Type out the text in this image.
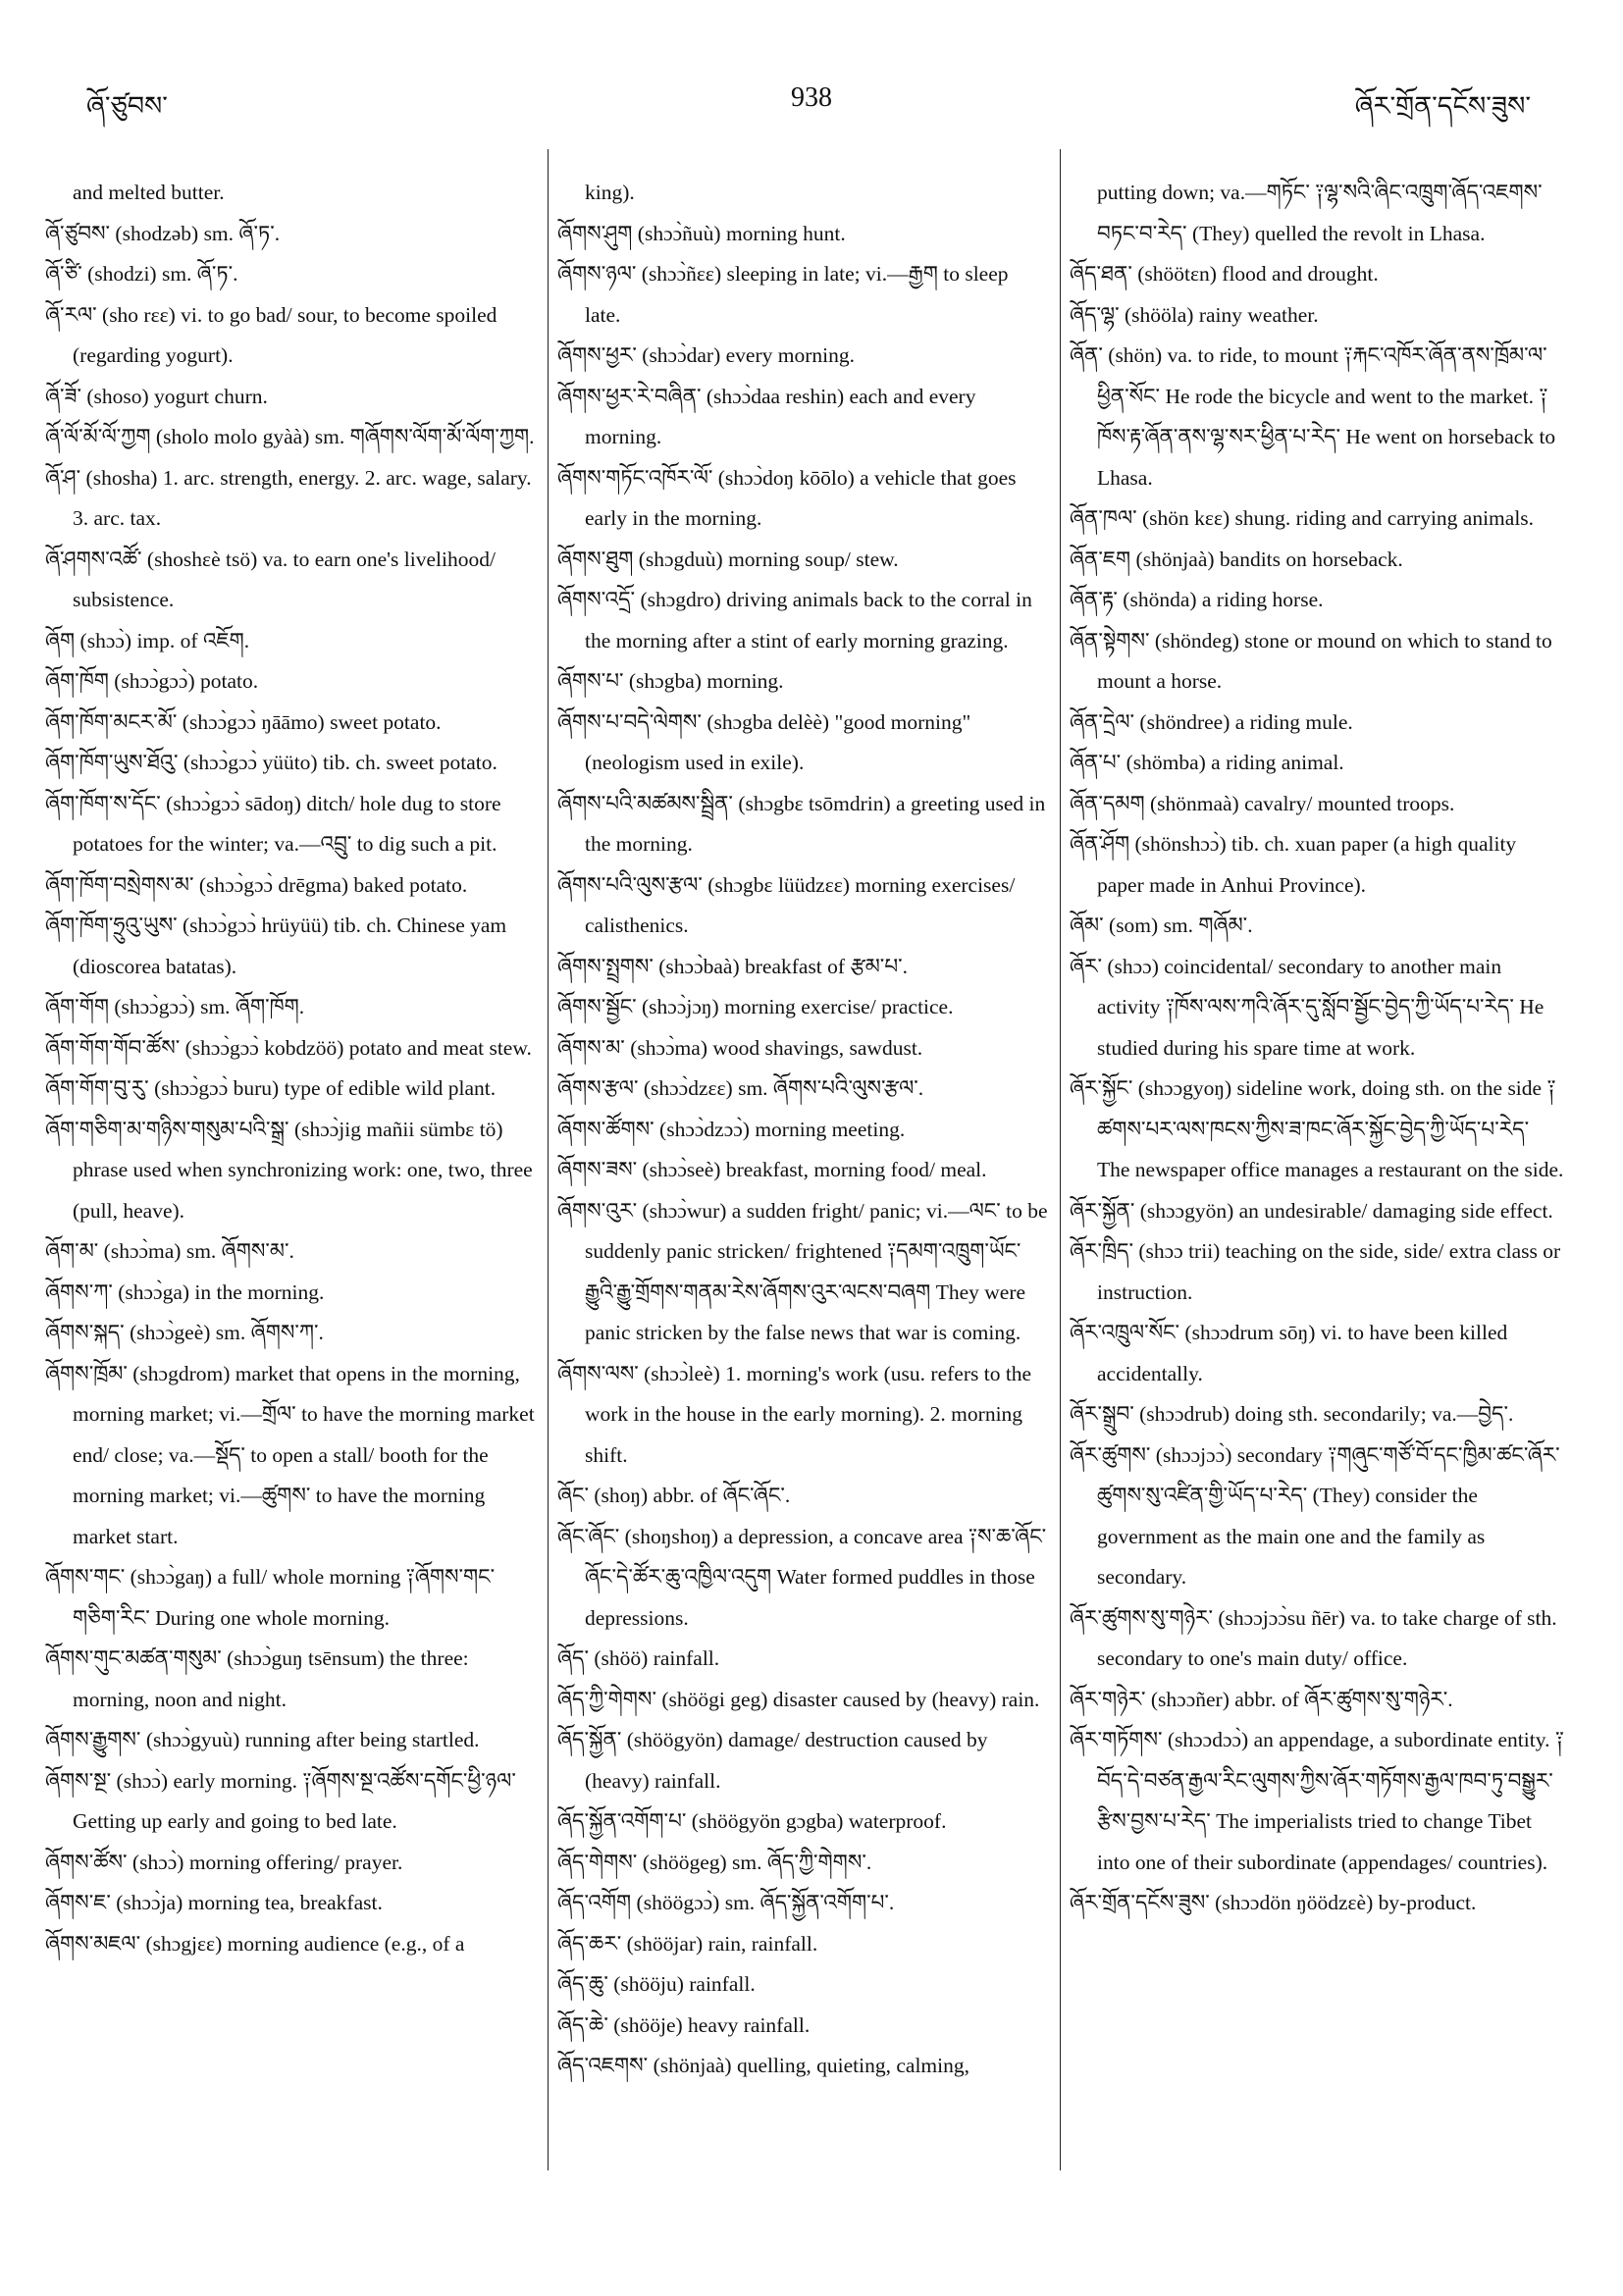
ཞོ་ཙུབས་	938	ཞོར་གྲོན་དངོས་ཟུས་
and melted butter.
ཞོ་ཙུབས་ (shodzəb) sm. ཞོ་ཏ་.
ཞོ་ཙི་ (shodzi) sm. ཞོ་ཏ་.
ཞོ་རལ་ (sho rεε) vi. to go bad/ sour, to become spoiled (regarding yogurt).
ཞོ་ཟོ་ (shoso) yogurt churn.
ཞོ་ལོ་མོ་ལོ་ཀྱག (sholo molo gyàà) sm. གཞོགས་ལོག་མོ་ལོག་ཀྱག.
ཞོ་ཤ་ (shosha) 1. arc. strength, energy. 2. arc. wage, salary. 3. arc. tax.
ཞོ་ཤགས་འཚོ་ (shoshεè tsö) va. to earn one's livelihood/ subsistence.
ཞོག (shɔɔ̀) imp. of འཇོག.
ཞོག་ཁོག (shɔɔ̀gɔɔ̀) potato.
ཞོག་ཁོག་མངར་མོ་ (shɔɔ̀gɔɔ̀ ŋāāmo) sweet potato.
ཞོག་ཁོག་ཡུས་ཐོའུ་ (shɔɔ̀gɔɔ̀ yüüto) tib. ch. sweet potato.
ཞོག་ཁོག་ས་དོང་ (shɔɔ̀gɔɔ̀ sādoŋ) ditch/ hole dug to store potatoes for the winter; va.—འབྲུ་ to dig such a pit.
ཞོག་ཁོག་བསྲེགས་མ་ (shɔɔ̀gɔɔ̀ drēgma) baked potato.
ཞོག་ཁོག་ཧྲུའུ་ཡུས་ (shɔɔ̀gɔɔ̀ hrüyüü) tib. ch. Chinese yam (dioscorea batatas).
ཞོག་གོག (shɔɔ̀gɔɔ̀) sm. ཞོག་ཁོག.
ཞོག་གོག་གོབ་ཚོས་ (shɔɔ̀gɔɔ̀ kobdzöö) potato and meat stew.
ཞོག་གོག་བུ་རུ་ (shɔɔ̀gɔɔ̀ buru) type of edible wild plant.
ཞོག་གཅིག་མ་གཉིས་གསུམ་པའི་སྒྲ་ (shɔɔ̀jig mañii sümbε tö) phrase used when synchronizing work: one, two, three (pull, heave).
ཞོག་མ་ (shɔɔ̀ma) sm. ཞོགས་མ་.
ཞོགས་ཀ་ (shɔɔ̀ga) in the morning.
ཞོགས་སྐད་ (shɔɔ̀geè) sm. ཞོགས་ཀ་.
ཞོགས་ཁྲོམ་ (shɔgdrom) market that opens in the morning, morning market; vi.—གྲོལ་ to have the morning market end/ close; va.—སྡོད་ to open a stall/ booth for the morning market; vi.—ཚུགས་ to have the morning market start.
ཞོགས་གང་ (shɔɔ̀gaŋ) a full/ whole morning ༑ཞོགས་གང་གཅིག་རིང་ During one whole morning.
ཞོགས་གུང་མཚན་གསུམ་ (shɔɔ̀guŋ tsēnsum) the three: morning, noon and night.
ཞོགས་རྒྱུགས་ (shɔɔ̀gyuù) running after being startled.
ཞོགས་སྔ་ (shɔɔ̀) early morning. ༑ཞོགས་སྔ་འཚོས་དགོང་ཕྱི་ཉལ་ Getting up early and going to bed late.
ཞོགས་ཚོས་ (shɔɔ̀) morning offering/ prayer.
ཞོགས་ཇ་ (shɔɔ̀ja) morning tea, breakfast.
ཞོགས་མཇལ་ (shɔgjεε) morning audience (e.g., of a
king).
ཞོགས་ཤུག (shɔɔ̀ñuù) morning hunt.
ཞོགས་ཉལ་ (shɔɔ̀ñεε) sleeping in late; vi.—རྒྱག to sleep late.
ཞོགས་ཕྱར་ (shɔɔ̀dar) every morning.
ཞོགས་ཕྱར་རེ་བཞིན་ (shɔɔ̀daa reshin) each and every morning.
ཞོགས་གཏོང་འཁོར་ལོ་ (shɔɔ̀doŋ kōōlo) a vehicle that goes early in the morning.
ཞོགས་ཐུག (shɔgduù) morning soup/ stew.
ཞོགས་འདྲོ་ (shɔgdro) driving animals back to the corral in the morning after a stint of early morning grazing.
ཞོགས་པ་ (shɔgba) morning.
ཞོགས་པ་བདེ་ལེགས་ (shɔgba delèè) "good morning" (neologism used in exile).
ཞོགས་པའི་མཚམས་སྦྲིན་ (shɔgbε tsōmdrin) a greeting used in the morning.
ཞོགས་པའི་ལུས་རྩལ་ (shɔgbε lüüdzεε) morning exercises/ calisthenics.
ཞོགས་སྤྲགས་ (shɔɔ̀baà) breakfast of རྩམ་པ་.
ཞོགས་སྦྱོང་ (shɔɔ̀jɔŋ) morning exercise/ practice.
ཞོགས་མ་ (shɔɔ̀ma) wood shavings, sawdust.
ཞོགས་རྩལ་ (shɔɔ̀dzεε) sm. ཞོགས་པའི་ལུས་རྩལ་.
ཞོགས་ཚོགས་ (shɔɔ̀dzɔɔ̀) morning meeting.
ཞོགས་ཟས་ (shɔɔ̀seè) breakfast, morning food/ meal.
ཞོགས་འུར་ (shɔɔ̀wur) a sudden fright/ panic; vi.—ལང་ to be suddenly panic stricken/ frightened ༑དམག་འཁྲུག་ཡོང་རྒྱུའི་རྒྱུ་གྲོགས་གནམ་རེས་ཞོགས་འུར་ལངས་བཞག They were panic stricken by the false news that war is coming.
ཞོགས་ལས་ (shɔɔ̀leè) 1. morning's work (usu. refers to the work in the house in the early morning). 2. morning shift.
ཞོང་ (shoŋ) abbr. of ཞོང་ཞོང་.
ཞོང་ཞོང་ (shoŋshoŋ) a depression, a concave area ༑ས་ཆ་ཞོང་ཞོང་དེ་ཚོར་ཆུ་འཁྱིལ་འདུག Water formed puddles in those depressions.
ཞོད་ (shöö) rainfall.
ཞོད་ཀྱི་གེགས་ (shöögi geg) disaster caused by (heavy) rain.
ཞོད་སྐྱོན་ (shöögyön) damage/ destruction caused by (heavy) rainfall.
ཞོད་སྐྱོན་འགོག་པ་ (shöögyön gɔgba) waterproof.
ཞོད་གེགས་ (shöögeg) sm. ཞོད་ཀྱི་གེགས་.
ཞོད་འགོག (shöögɔɔ̀) sm. ཞོད་སྐྱོན་འགོག་པ་.
ཞོད་ཆར་ (shööjar) rain, rainfall.
ཞོད་ཆུ་ (shööju) rainfall.
ཞོད་ཆེ་ (shööje) heavy rainfall.
ཞོད་འཇགས་ (shönjaà) quelling, quieting, calming,
putting down; va.—གཏོང་ ༑ལྷ་སའི་ཞིང་འཁྲུག་ཞོད་འཇགས་བཏང་བ་རེད་ (They) quelled the revolt in Lhasa.
ཞོད་ཐན་ (shöötεn) flood and drought.
ཞོད་ལྷ་ (shööla) rainy weather.
ཞོན་ (shön) va. to ride, to mount ༑རྐང་འཁོར་ཞོན་ནས་ཁྲོམ་ལ་ཕྱིན་སོང་ He rode the bicycle and went to the market. ༑ཁོས་རྟ་ཞོན་ནས་ལྷ་སར་ཕྱིན་པ་རེད་ He went on horseback to Lhasa.
ཞོན་ཁལ་ (shön kεε) shung. riding and carrying animals.
ཞོན་ཇག (shönjaà) bandits on horseback.
ཞོན་རྟ་ (shönda) a riding horse.
ཞོན་སྟེགས་ (shöndeg) stone or mound on which to stand to mount a horse.
ཞོན་དྲེལ་ (shöndree) a riding mule.
ཞོན་པ་ (shömba) a riding animal.
ཞོན་དམག (shönmaà) cavalry/ mounted troops.
ཞོན་ཤོག (shönshɔɔ̀) tib. ch. xuan paper (a high quality paper made in Anhui Province).
ཞོམ་ (som) sm. གཞོམ་.
ཞོར་ (shɔɔ) coincidental/ secondary to another main activity ༑ཁོས་ལས་ཀའི་ཞོར་དུ་སློབ་སྦྱོང་བྱེད་ཀྱི་ཡོད་པ་རེད་ He studied during his spare time at work.
ཞོར་སྐྱོང་ (shɔɔgyoŋ) sideline work, doing sth. on the side ༑ཚགས་པར་ལས་ཁངས་ཀྱིས་ཟ་ཁང་ཞོར་སྐྱོང་བྱེད་ཀྱི་ཡོད་པ་རེད་ The newspaper office manages a restaurant on the side.
ཞོར་སྐྱོན་ (shɔɔgyön) an undesirable/ damaging side effect.
ཞོར་ཁྲིད་ (shɔɔ trii) teaching on the side, side/ extra class or instruction.
ཞོར་འཁྲུལ་སོང་ (shɔɔdrum sōŋ) vi. to have been killed accidentally.
ཞོར་སྒྲུབ་ (shɔɔdrub) doing sth. secondarily; va.—བྱེད་.
ཞོར་ཚུགས་ (shɔɔjɔɔ̀) secondary ༑གཞུང་གཙོ་བོ་དང་ཁྱིམ་ཚང་ཞོར་ཚུགས་སུ་འཛིན་གྱི་ཡོད་པ་རེད་ (They) consider the government as the main one and the family as secondary.
ཞོར་ཚུགས་སུ་གཉེར་ (shɔɔjɔɔ̀su ñēr) va. to take charge of sth. secondary to one's main duty/ office.
ཞོར་གཉེར་ (shɔɔñer) abbr. of ཞོར་ཚུགས་སུ་གཉེར་.
ཞོར་གཏོགས་ (shɔɔdɔɔ̀) an appendage, a subordinate entity. ༑བོད་དེ་བཙན་རྒྱལ་རིང་ལུགས་ཀྱིས་ཞོར་གཏོགས་རྒྱལ་ཁབ་ཏུ་བསྒྱུར་རྩིས་བྱས་པ་རེད་ The imperialists tried to change Tibet into one of their subordinate (appendages/ countries).
ཞོར་གྲོན་དངོས་ཟུས་ (shɔɔdön ŋöödzεè) by-product.
